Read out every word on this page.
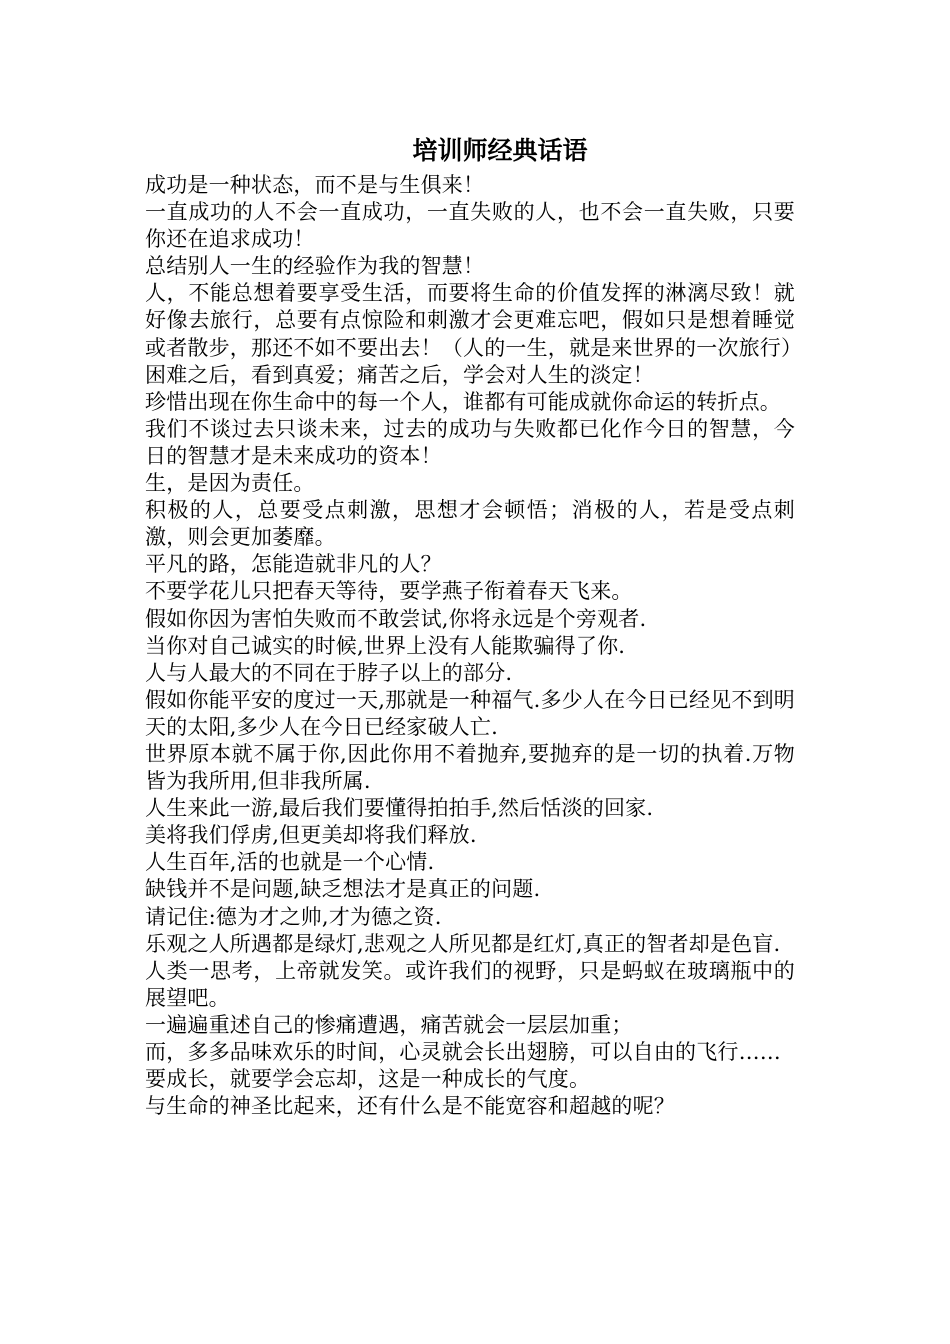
培训师经典话语
成功是一种状态，而不是与生俱来！
一直成功的人不会一直成功，一直失败的人，也不会一直失败，只要你还在追求成功！
总结别人一生的经验作为我的智慧！
人，不能总想着要享受生活，而要将生命的价值发挥的淋漓尽致！就好像去旅行，总要有点惊险和刺激才会更难忘吧，假如只是想着睡觉或者散步，那还不如不要出去！（人的一生，就是来世界的一次旅行）
困难之后，看到真爱；痛苦之后，学会对人生的淡定！
珍惜出现在你生命中的每一个人，谁都有可能成就你命运的转折点。
我们不谈过去只谈未来，过去的成功与失败都已化作今日的智慧，今日的智慧才是未来成功的资本！
生，是因为责任。
积极的人，总要受点刺激，思想才会顿悟；消极的人，若是受点刺激，则会更加萎靡。
平凡的路，怎能造就非凡的人？
不要学花儿只把春天等待，要学燕子衔着春天飞来。
假如你因为害怕失败而不敢尝试,你将永远是个旁观者.
当你对自己诚实的时候,世界上没有人能欺骗得了你.
人与人最大的不同在于脖子以上的部分.
假如你能平安的度过一天,那就是一种福气.多少人在今日已经见不到明天的太阳,多少人在今日已经家破人亡.
世界原本就不属于你,因此你用不着抛弃,要抛弃的是一切的执着.万物皆为我所用,但非我所属.
人生来此一游,最后我们要懂得拍拍手,然后恬淡的回家.
美将我们俘虏,但更美却将我们释放.
人生百年,活的也就是一个心情.
缺钱并不是问题,缺乏想法才是真正的问题.
请记住:德为才之帅,才为德之资.
乐观之人所遇都是绿灯,悲观之人所见都是红灯,真正的智者却是色盲.
人类一思考，上帝就发笑。或许我们的视野，只是蚂蚁在玻璃瓶中的展望吧。
一遍遍重述自己的惨痛遭遇，痛苦就会一层层加重；
而，多多品味欢乐的时间，心灵就会长出翅膀，可以自由的飞行……
要成长，就要学会忘却，这是一种成长的气度。
与生命的神圣比起来，还有什么是不能宽容和超越的呢？
